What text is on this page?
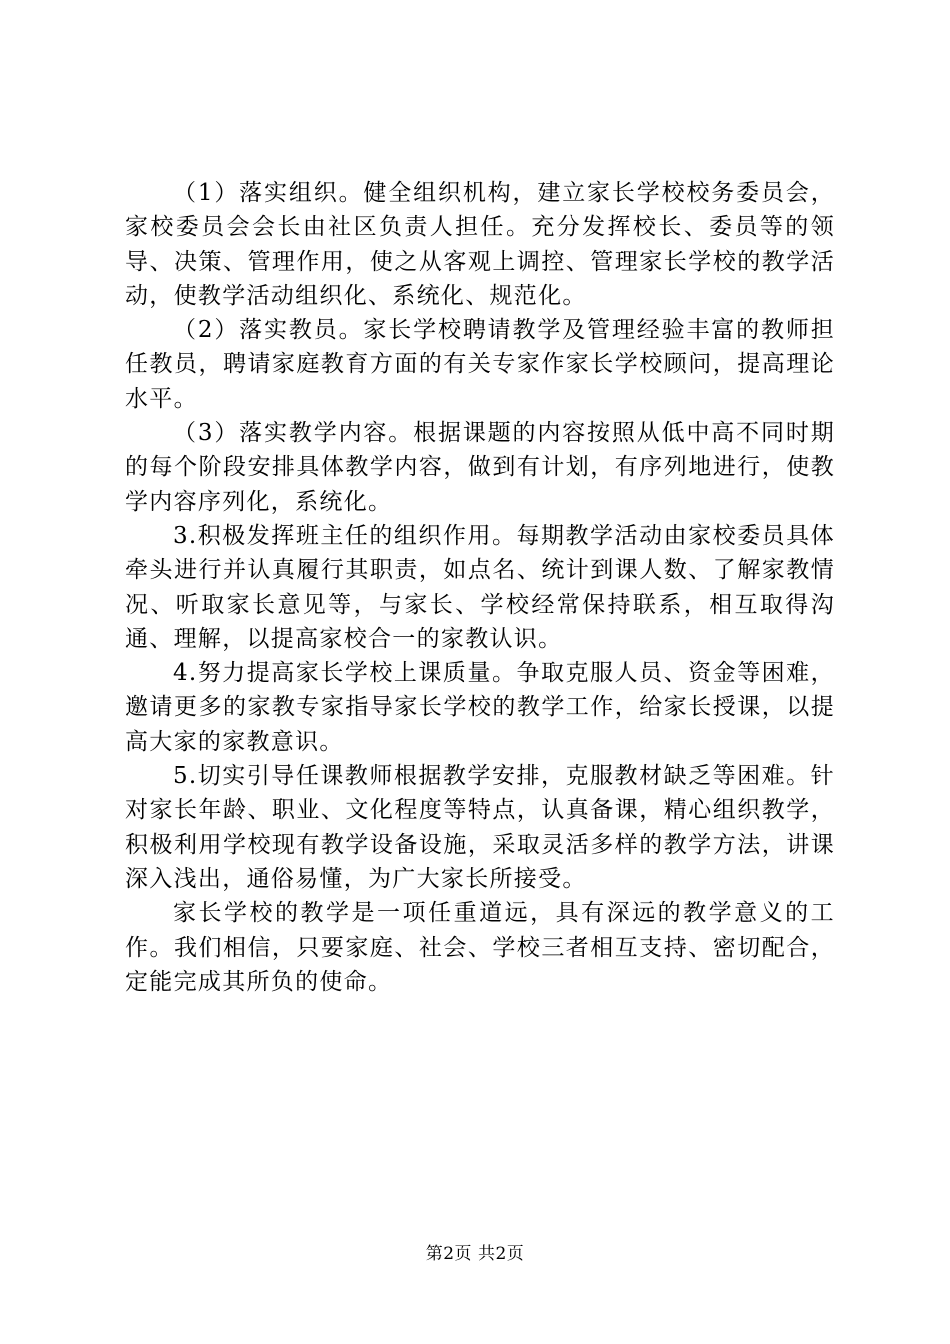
（1）落实组织。健全组织机构，建立家长学校校务委员会，家校委员会会长由社区负责人担任。充分发挥校长、委员等的领导、决策、管理作用，使之从客观上调控、管理家长学校的教学活动，使教学活动组织化、系统化、规范化。

（2）落实教员。家长学校聘请教学及管理经验丰富的教师担任教员，聘请家庭教育方面的有关专家作家长学校顾问，提高理论水平。

（3）落实教学内容。根据课题的内容按照从低中高不同时期的每个阶段安排具体教学内容，做到有计划，有序列地进行，使教学内容序列化，系统化。

3.积极发挥班主任的组织作用。每期教学活动由家校委员具体牵头进行并认真履行其职责，如点名、统计到课人数、了解家教情况、听取家长意见等，与家长、学校经常保持联系，相互取得沟通、理解，以提高家校合一的家教认识。

4.努力提高家长学校上课质量。争取克服人员、资金等困难，邀请更多的家教专家指导家长学校的教学工作，给家长授课，以提高大家的家教意识。

5.切实引导任课教师根据教学安排，克服教材缺乏等困难。针对家长年龄、职业、文化程度等特点，认真备课，精心组织教学，积极利用学校现有教学设备设施，采取灵活多样的教学方法，讲课深入浅出，通俗易懂，为广大家长所接受。

家长学校的教学是一项任重道远，具有深远的教学意义的工作。我们相信，只要家庭、社会、学校三者相互支持、密切配合，定能完成其所负的使命。

第2页 共2页
